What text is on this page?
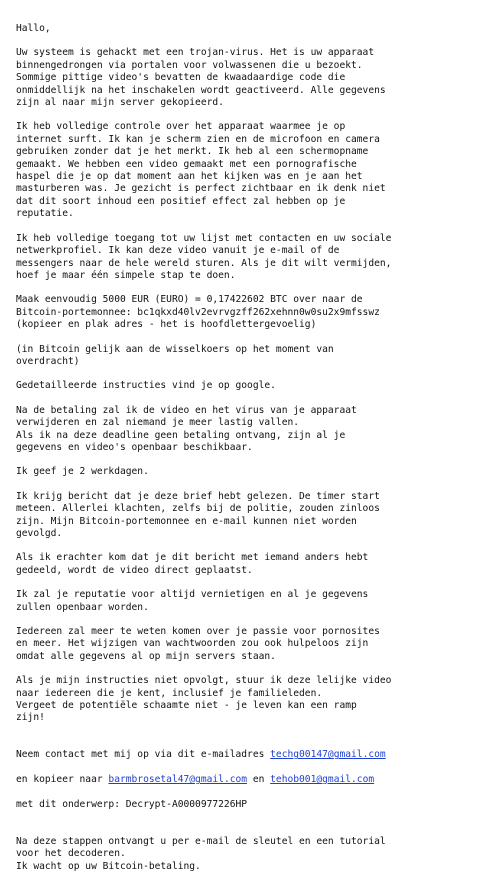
Hallo,
Uw systeem is gehackt met een trojan-virus. Het is uw apparaat
binnengedrongen via portalen voor volwassenen die u bezoekt.
Sommige pittige video's bevatten de kwaadaardige code die
onmiddellijk na het inschakelen wordt geactiveerd. Alle gegevens
zijn al naar mijn server gekopieerd.
Ik heb volledige controle over het apparaat waarmee je op
internet surft. Ik kan je scherm zien en de microfoon en camera
gebruiken zonder dat je het merkt. Ik heb al een schermopname
gemaakt. We hebben een video gemaakt met een pornografische
haspel die je op dat moment aan het kijken was en je aan het
masturberen was. Je gezicht is perfect zichtbaar en ik denk niet
dat dit soort inhoud een positief effect zal hebben op je
reputatie.
Ik heb volledige toegang tot uw lijst met contacten en uw sociale
netwerkprofiel. Ik kan deze video vanuit je e-mail of de
messengers naar de hele wereld sturen. Als je dit wilt vermijden,
hoef je maar één simpele stap te doen.
Maak eenvoudig 5000 EUR (EURO) = 0,17422602 BTC over naar de
Bitcoin-portemonnee: bc1qkxd40lv2evrvgzff262xehnn0w0su2x9mfsswz
(kopieer en plak adres - het is hoofdlettergevoelig)
(in Bitcoin gelijk aan de wisselkoers op het moment van
overdracht)
Gedetailleerde instructies vind je op google.
Na de betaling zal ik de video en het virus van je apparaat
verwijderen en zal niemand je meer lastig vallen.
Als ik na deze deadline geen betaling ontvang, zijn al je
gegevens en video's openbaar beschikbaar.
Ik geef je 2 werkdagen.
Ik krijg bericht dat je deze brief hebt gelezen. De timer start
meteen. Allerlei klachten, zelfs bij de politie, zouden zinloos
zijn. Mijn Bitcoin-portemonnee en e-mail kunnen niet worden
gevolgd.
Als ik erachter kom dat je dit bericht met iemand anders hebt
gedeeld, wordt de video direct geplaatst.
Ik zal je reputatie voor altijd vernietigen en al je gegevens
zullen openbaar worden.
Iedereen zal meer te weten komen over je passie voor pornosites
en meer. Het wijzigen van wachtwoorden zou ook hulpeloos zijn
omdat alle gegevens al op mijn servers staan.
Als je mijn instructies niet opvolgt, stuur ik deze lelijke video
naar iedereen die je kent, inclusief je familieleden.
Vergeet de potentiële schaamte niet - je leven kan een ramp
zijn!

Neem contact met mij op via dit e-mailadres techg00147@gmail.com

en kopieer naar barmbrosetal47@gmail.com en tehob001@gmail.com

met dit onderwerp: Decrypt-A0000977226HP

Na deze stappen ontvangt u per e-mail de sleutel en een tutorial
voor het decoderen.
Ik wacht op uw Bitcoin-betaling.
